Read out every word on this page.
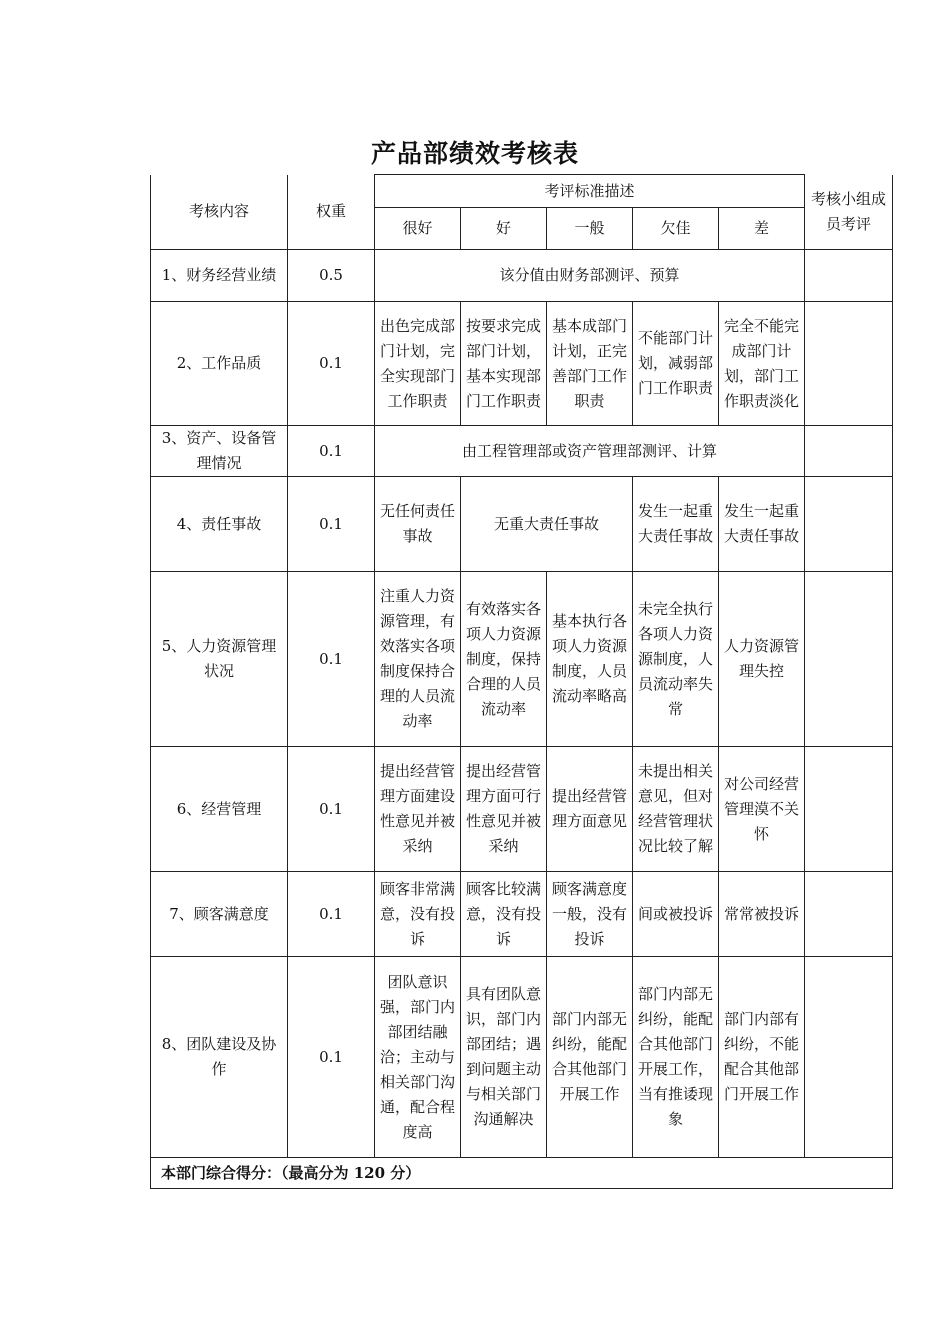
产品部绩效考核表
考核内容	权重	考评标准描述					考核小组成员考评
		很好	好	一般	欠佳	差	
1、财务经营业绩	0.5	该分值由财务部测评、预算					
2、工作品质	0.1	出色完成部门计划，完全实现部门工作职责	按要求完成部门计划，基本实现部门工作职责	基本成部门计划，正完善部门工作职责	不能部门计划，减弱部门工作职责	完全不能完成部门计划，部门工作职责淡化	
3、资产、设备管理情况	0.1	由工程管理部或资产管理部测评、计算					
4、责任事故	0.1	无任何责任事故	无重大责任事故		发生一起重大责任事故	发生一起重大责任事故	
5、人力资源管理状况	0.1	注重人力资源管理，有效落实各项制度保持合理的人员流动率	有效落实各项人力资源制度，保持合理的人员流动率	基本执行各项人力资源制度，人员流动率略高	未完全执行各项人力资源制度，人员流动率失常	人力资源管理失控	
6、经营管理	0.1	提出经营管理方面建设性意见并被采纳	提出经营管理方面可行性意见并被采纳	提出经营管理方面意见	未提出相关意见，但对经营管理状况比较了解	对公司经营管理漠不关怀	
7、顾客满意度	0.1	顾客非常满意，没有投诉	顾客比较满意，没有投诉	顾客满意度一般，没有投诉	间或被投诉	常常被投诉	
8、团队建设及协作	0.1	团队意识强，部门内部团结融洽；主动与相关部门沟通，配合程度高	具有团队意识，部门内部团结；遇到问题主动与相关部门沟通解决	部门内部无纠纷，能配合其他部门开展工作	部门内部无纠纷，能配合其他部门开展工作，当有推诿现象	部门内部有纠纷，不能配合其他部门开展工作	
本部门综合得分：（最高分为 120 分）							
